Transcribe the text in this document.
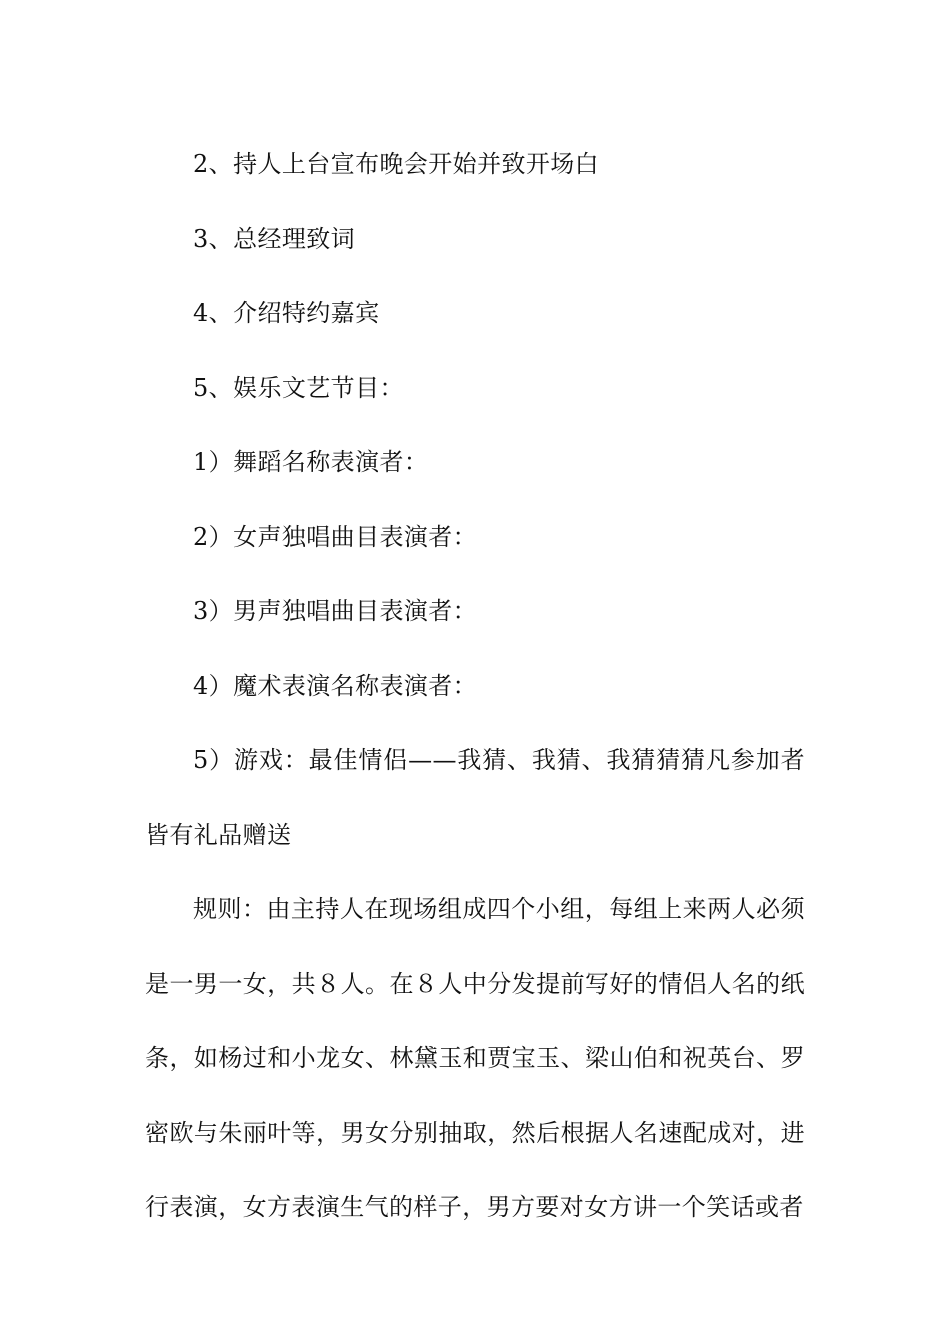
2、持人上台宣布晚会开始并致开场白

3、总经理致词

4、介绍特约嘉宾

5、娱乐文艺节目：

1）舞蹈名称表演者：

2）女声独唱曲目表演者：

3）男声独唱曲目表演者：

4）魔术表演名称表演者：

5）游戏：最佳情侣——我猜、我猜、我猜猜猜凡参加者皆有礼品赠送

规则：由主持人在现场组成四个小组，每组上来两人必须是一男一女，共８人。在８人中分发提前写好的情侣人名的纸条，如杨过和小龙女、林黛玉和贾宝玉、梁山伯和祝英台、罗密欧与朱丽叶等，男女分别抽取，然后根据人名速配成对，进行表演，女方表演生气的样子，男方要对女方讲一个笑话或者
